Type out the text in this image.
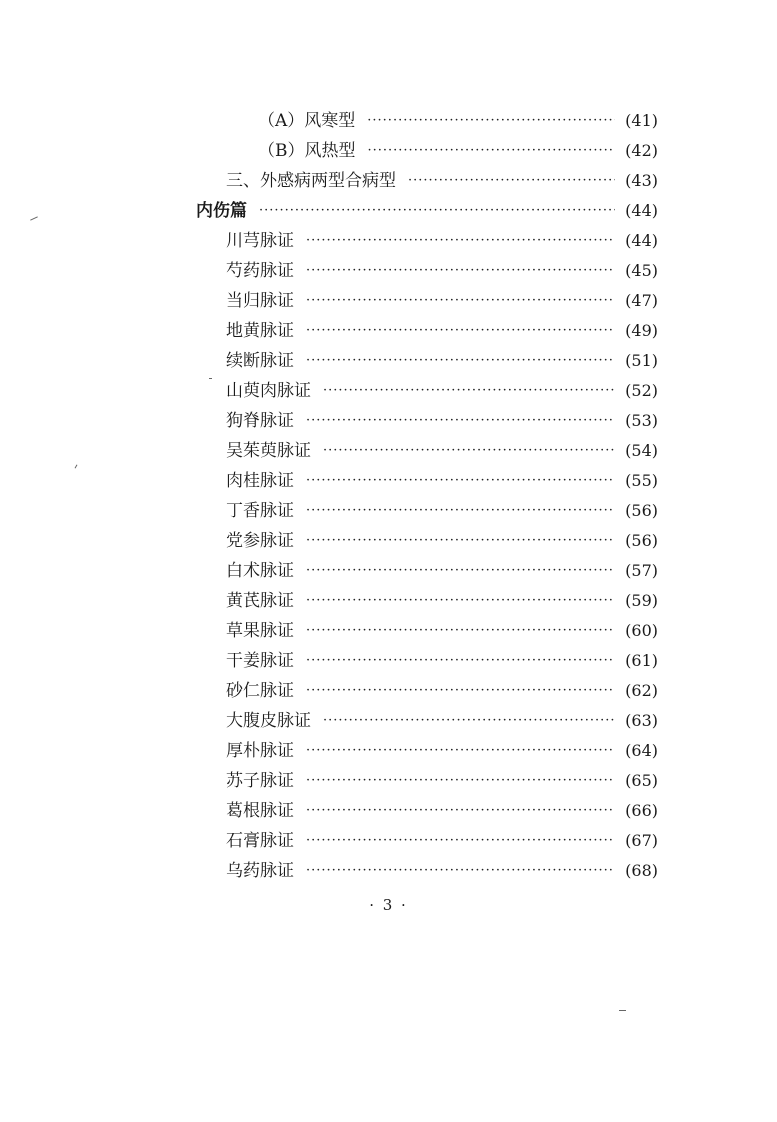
（A）风寒型 ·····	(41)
（B）风热型 ·····	(42)
三、外感病两型合病型 ·····	(43)
内伤篇 ·····	(44)
川芎脉证 ·····	(44)
芍药脉证 ·····	(45)
当归脉证 ·····	(47)
地黄脉证 ·····	(49)
续断脉证 ·····	(51)
山萸肉脉证 ·····	(52)
狗脊脉证 ·····	(53)
吴茱萸脉证 ·····	(54)
肉桂脉证 ·····	(55)
丁香脉证 ·····	(56)
党参脉证 ·····	(56)
白术脉证 ·····	(57)
黄芪脉证 ·····	(59)
草果脉证 ·····	(60)
干姜脉证 ·····	(61)
砂仁脉证 ·····	(62)
大腹皮脉证 ·····	(63)
厚朴脉证 ·····	(64)
苏子脉证 ·····	(65)
葛根脉证 ·····	(66)
石膏脉证 ·····	(67)
乌药脉证 ·····	(68)
· 3 ·
